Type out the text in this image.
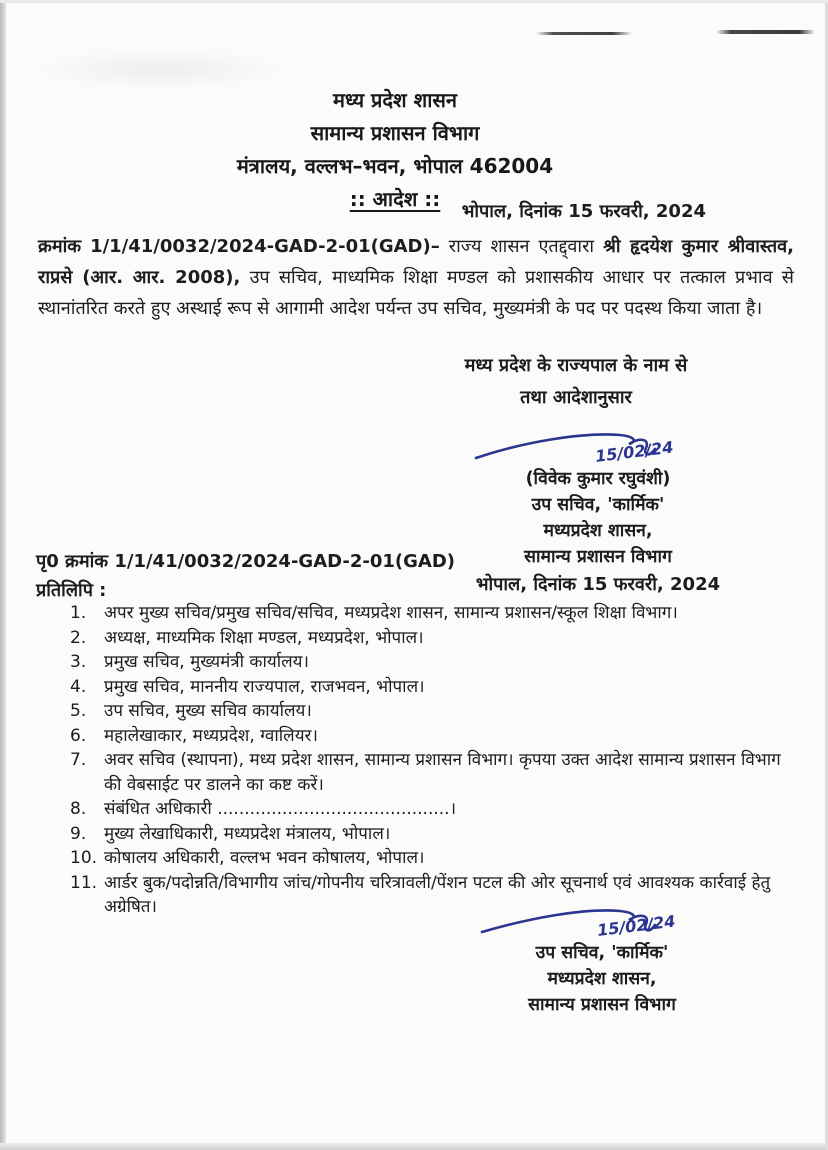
मध्य प्रदेश शासन
सामान्य प्रशासन विभाग
मंत्रालय, वल्लभ–भवन, भोपाल 462004
:: आदेश ::
भोपाल, दिनांक 15 फरवरी, 2024

क्रमांक 1/1/41/0032/2024-GAD-2-01(GAD)– राज्य शासन एतद्द्वारा श्री हृदयेश कुमार श्रीवास्तव, राप्रसे (आर. आर. 2008), उप सचिव, माध्यमिक शिक्षा मण्डल को प्रशासकीय आधार पर तत्काल प्रभाव से स्थानांतरित करते हुए अस्थाई रूप से आगामी आदेश पर्यन्त उप सचिव, मुख्यमंत्री के पद पर पदस्थ किया जाता है।

मध्य प्रदेश के राज्यपाल के नाम से
तथा आदेशानुसार
15/02/24
(विवेक कुमार रघुवंशी)
उप सचिव, 'कार्मिक'
मध्यप्रदेश शासन,
सामान्य प्रशासन विभाग
भोपाल, दिनांक 15 फरवरी, 2024
पृ0 क्रमांक 1/1/41/0032/2024-GAD-2-01(GAD)
प्रतिलिपि :
1.	अपर मुख्य सचिव/प्रमुख सचिव/सचिव, मध्यप्रदेश शासन, सामान्य प्रशासन/स्कूल शिक्षा विभाग।
2.	अध्यक्ष, माध्यमिक शिक्षा मण्डल, मध्यप्रदेश, भोपाल।
3.	प्रमुख सचिव, मुख्यमंत्री कार्यालय।
4.	प्रमुख सचिव, माननीय राज्यपाल, राजभवन, भोपाल।
5.	उप सचिव, मुख्य सचिव कार्यालय।
6.	महालेखाकार, मध्यप्रदेश, ग्वालियर।
7.	अवर सचिव (स्थापना), मध्य प्रदेश शासन, सामान्य प्रशासन विभाग। कृपया उक्त आदेश सामान्य प्रशासन विभाग की वेबसाईट पर डालने का कष्ट करें।
8.	संबंधित अधिकारी ...........................................।
9.	मुख्य लेखाधिकारी, मध्यप्रदेश मंत्रालय, भोपाल।
10. कोषालय अधिकारी, वल्लभ भवन कोषालय, भोपाल।
11. आर्डर बुक/पदोन्नति/विभागीय जांच/गोपनीय चरित्रावली/पेंशन पटल की ओर सूचनार्थ एवं आवश्यक कार्रवाई हेतु अग्रेषित।
15/02/24
उप सचिव, 'कार्मिक'
मध्यप्रदेश शासन,
सामान्य प्रशासन विभाग
